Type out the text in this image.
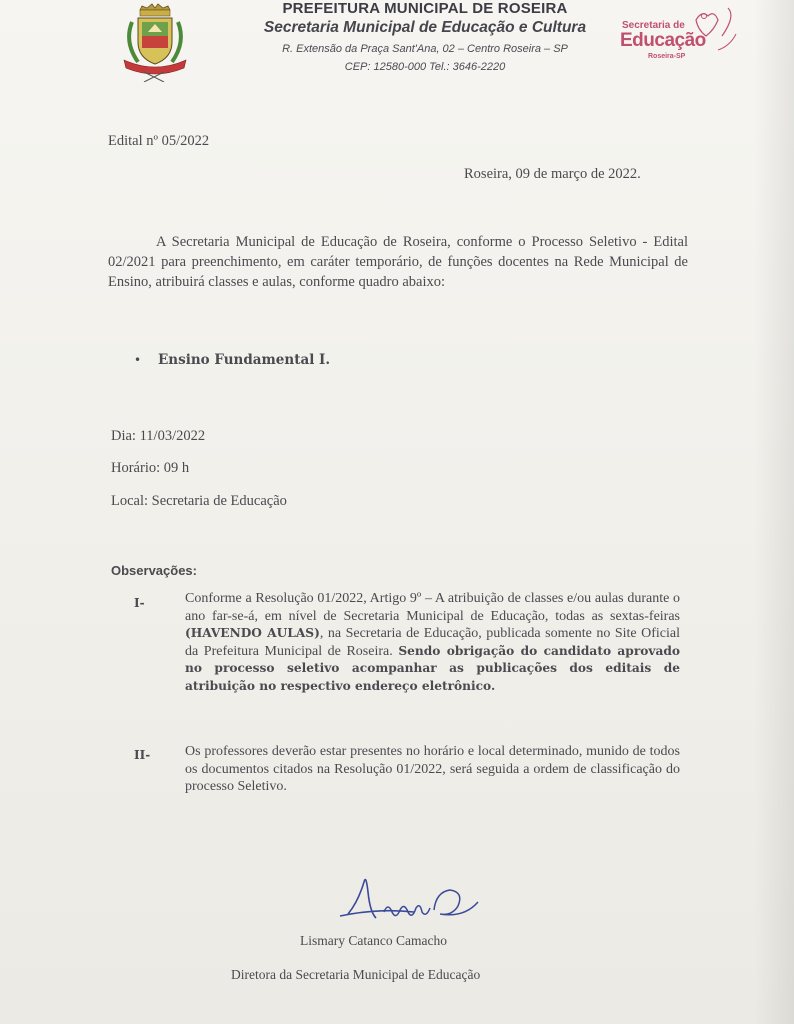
PREFEITURA MUNICIPAL DE ROSEIRA
Secretaria Municipal de Educação e Cultura
R. Extensão da Praça Sant'Ana, 02 – Centro Roseira – SP
CEP: 12580-000 Tel.: 3646-2220
Secretaria de
Educação
Roseira-SP
Edital nº 05/2022
Roseira, 09 de março de 2022.
A Secretaria Municipal de Educação de Roseira, conforme o Processo Seletivo - Edital 02/2021 para preenchimento, em caráter temporário, de funções docentes na Rede Municipal de Ensino, atribuirá classes e aulas, conforme quadro abaixo:
• Ensino Fundamental I.
Dia: 11/03/2022
Horário: 09 h
Local: Secretaria de Educação
Observações:
I-	Conforme a Resolução 01/2022, Artigo 9º – A atribuição de classes e/ou aulas durante o ano far-se-á, em nível de Secretaria Municipal de Educação, todas as sextas-feiras (HAVENDO AULAS), na Secretaria de Educação, publicada somente no Site Oficial da Prefeitura Municipal de Roseira. Sendo obrigação do candidato aprovado no processo seletivo acompanhar as publicações dos editais de atribuição no respectivo endereço eletrônico.
II- Os professores deverão estar presentes no horário e local determinado, munido de todos os documentos citados na Resolução 01/2022, será seguida a ordem de classificação do processo Seletivo.
Lismary Catanco Camacho
Diretora da Secretaria Municipal de Educação
